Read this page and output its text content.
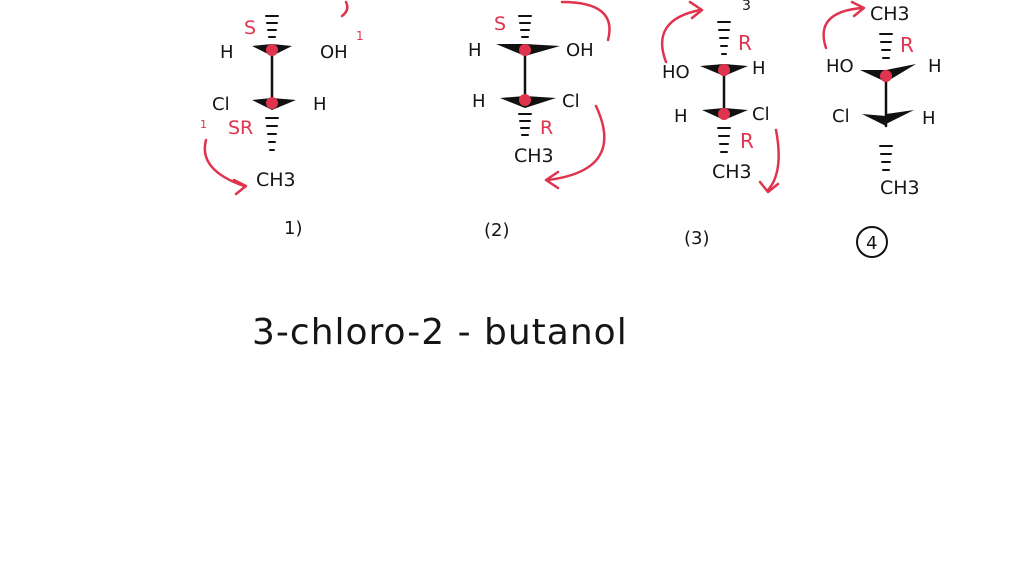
S
H	OH
1
Cl	H
SR
1
CH3
1)
S
H	OH
H	Cl
R
CH3
(2)
3
R
HO	H
H	Cl
R
CH3
(3)
CH3
R
HO	H
Cl	H
CH3
4
3-chloro-2 - butanol
